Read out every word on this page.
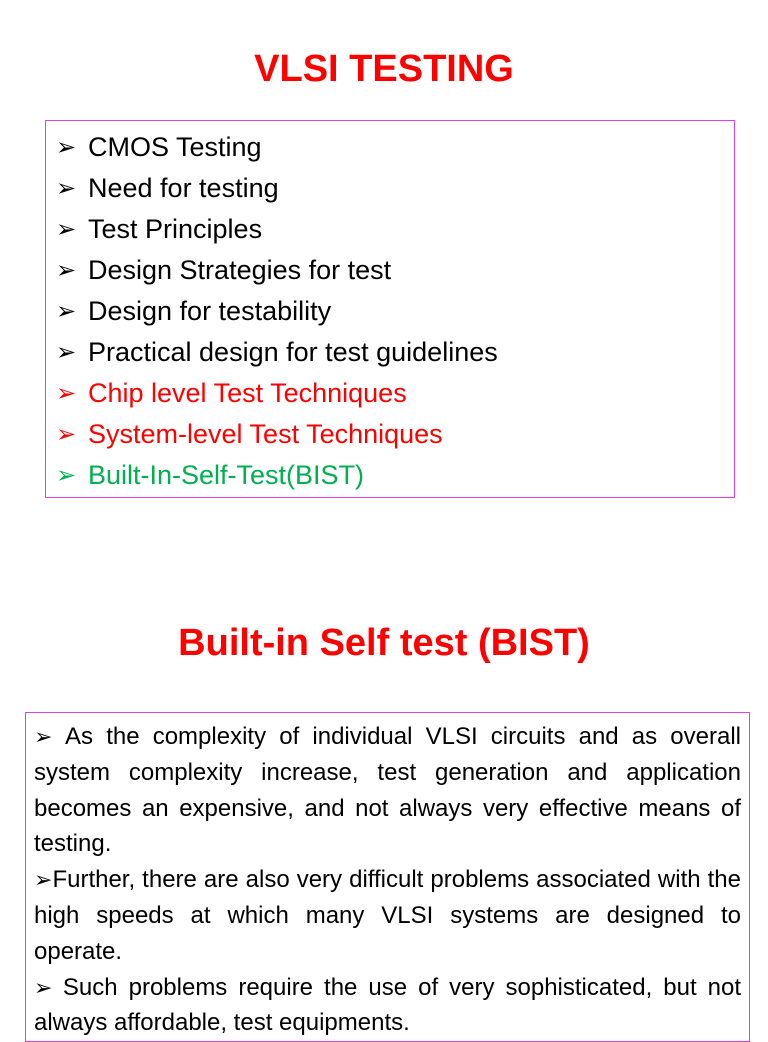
VLSI TESTING
➢ CMOS Testing
➢ Need for testing
➢ Test Principles
➢ Design Strategies for test
➢ Design for testability
➢ Practical design for test guidelines
➢ Chip level Test Techniques
➢ System-level Test Techniques
➢ Built-In-Self-Test(BIST)
Built-in Self test (BIST)

➢ As the complexity of individual VLSI circuits and as overall system complexity increase, test generation and application becomes an expensive, and not always very effective means of testing.

➢Further, there are also very difficult problems associated with the high speeds at which many VLSI systems are designed to operate.

➢ Such problems require the use of very sophisticated, but not always affordable, test equipments.
